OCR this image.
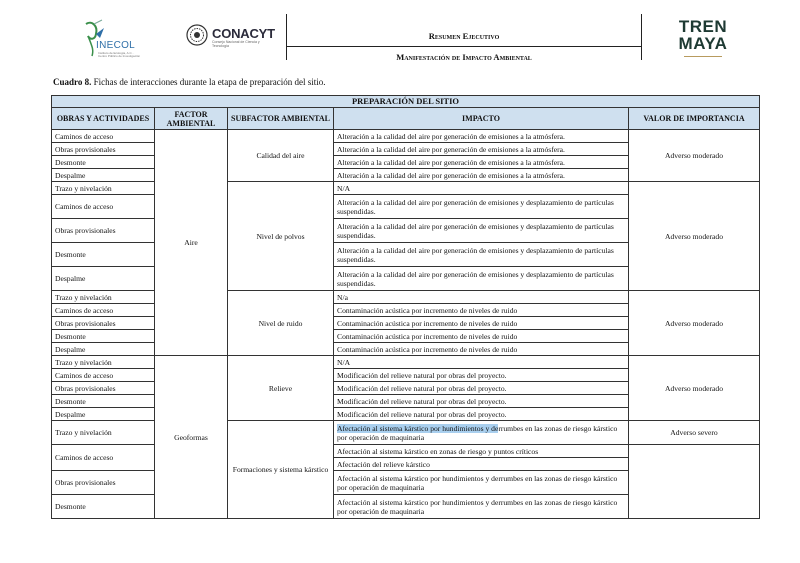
INECOL
Instituto de Ecología, A.C. · Centro Público de Investigación
CONACYT
Consejo Nacional de Ciencia y Tecnología
Resumen Ejecutivo
Manifestación de Impacto Ambiental
TREN
MAYA
Cuadro 8. Fichas de interacciones durante la etapa de preparación del sitio.
PREPARACIÓN DEL SITIO				
OBRAS Y ACTIVIDADES	FACTOR AMBIENTAL	SUBFACTOR AMBIENTAL	IMPACTO	VALOR DE IMPORTANCIA
Caminos de acceso	Aire	Calidad del aire	Alteración a la calidad del aire por generación de emisiones a la atmósfera.	Adverso moderado
Obras provisionales			Alteración a la calidad del aire por generación de emisiones a la atmósfera.	
Desmonte			Alteración a la calidad del aire por generación de emisiones a la atmósfera.	
Despalme			Alteración a la calidad del aire por generación de emisiones a la atmósfera.	
Trazo y nivelación		Nivel de polvos	N/A	Adverso moderado
Caminos de acceso			Alteración a la calidad del aire por generación de emisiones y desplazamiento de partículas suspendidas.	
Obras provisionales			Alteración a la calidad del aire por generación de emisiones y desplazamiento de partículas suspendidas.	
Desmonte			Alteración a la calidad del aire por generación de emisiones y desplazamiento de partículas suspendidas.	
Despalme			Alteración a la calidad del aire por generación de emisiones y desplazamiento de partículas suspendidas.	
Trazo y nivelación		Nivel de ruido	N/a	Adverso moderado
Caminos de acceso			Contaminación acústica por incremento de niveles de ruido	
Obras provisionales			Contaminación acústica por incremento de niveles de ruido	
Desmonte			Contaminación acústica por incremento de niveles de ruido	
Despalme			Contaminación acústica por incremento de niveles de ruido	
Trazo y nivelación	Geoformas	Relieve	N/A	Adverso moderado
Caminos de acceso			Modificación del relieve natural por obras del proyecto.	
Obras provisionales			Modificación del relieve natural por obras del proyecto.	
Desmonte			Modificación del relieve natural por obras del proyecto.	
Despalme			Modificación del relieve natural por obras del proyecto.	
Trazo y nivelación		Formaciones y sistema kárstico	Afectación al sistema kárstico por hundimientos y derrumbes en las zonas de riesgo kárstico por operación de maquinaria	Adverso severo
Caminos de acceso			Afectación al sistema kárstico en zonas de riesgo y puntos críticos	
			Afectación del relieve kárstico	
Obras provisionales			Afectación al sistema kárstico por hundimientos y derrumbes en las zonas de riesgo kárstico por operación de maquinaria	
Desmonte			Afectación al sistema kárstico por hundimientos y derrumbes en las zonas de riesgo kárstico por operación de maquinaria	
